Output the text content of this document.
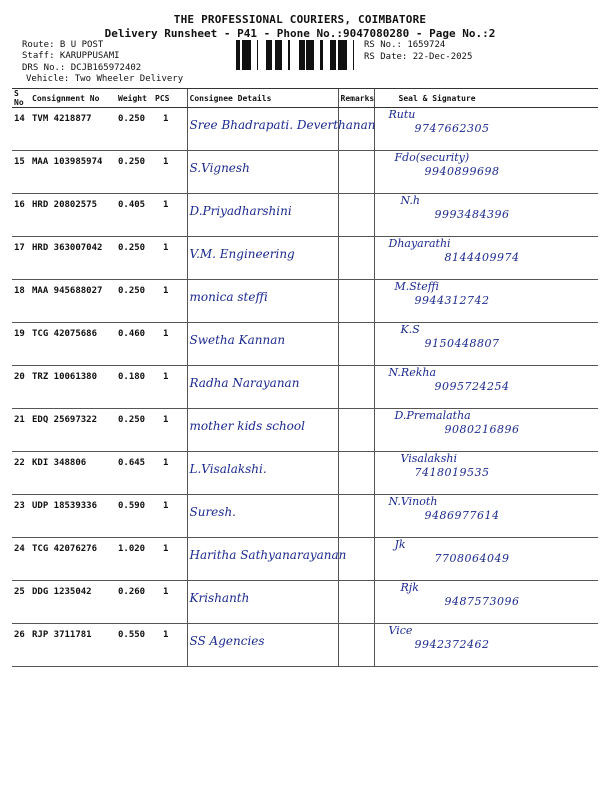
THE PROFESSIONAL COURIERS, COIMBATORE
Delivery Runsheet - P41 - Phone No.:9047080280 - Page No.:2
Route: B U POST
Staff: KARUPPUSAMI
DRS No.: DCJB165972402
Vehicle: Two Wheeler Delivery
RS No.: 1659724
RS Date: 22-Dec-2025
S No	Consignment No	Weight	PCS	Consignee Details	Remarks	Seal & Signature
14	TVM 4218877	0.250	1	Sree Bhadrapati. Deverthanan		Rutu
9747662305

15	MAA 103985974	0.250	1	S.Vignesh		Fdo(security)
9940899698

16	HRD 20802575	0.405	1	D.Priyadharshini		N.h
9993484396

17	HRD 363007042	0.250	1	V.M. Engineering		Dhayarathi
8144409974

18	MAA 945688027	0.250	1	monica steffi		M.Steffi
9944312742

19	TCG 42075686	0.460	1	Swetha Kannan		K.S
9150448807

20	TRZ 10061380	0.180	1	Radha Narayanan		N.Rekha
9095724254

21	EDQ 25697322	0.250	1	mother kids school		D.Premalatha
9080216896

22	KDI 348806	0.645	1	L.Visalakshi.		Visalakshi
7418019535

23	UDP 18539336	0.590	1	Suresh.		N.Vinoth
9486977614

24	TCG 42076276	1.020	1	Haritha Sathyanarayanan		Jk
7708064049

25	DDG 1235042	0.260	1	Krishanth		Rjk
9487573096

26	RJP 3711781	0.550	1	SS Agencies		Vice
9942372462
